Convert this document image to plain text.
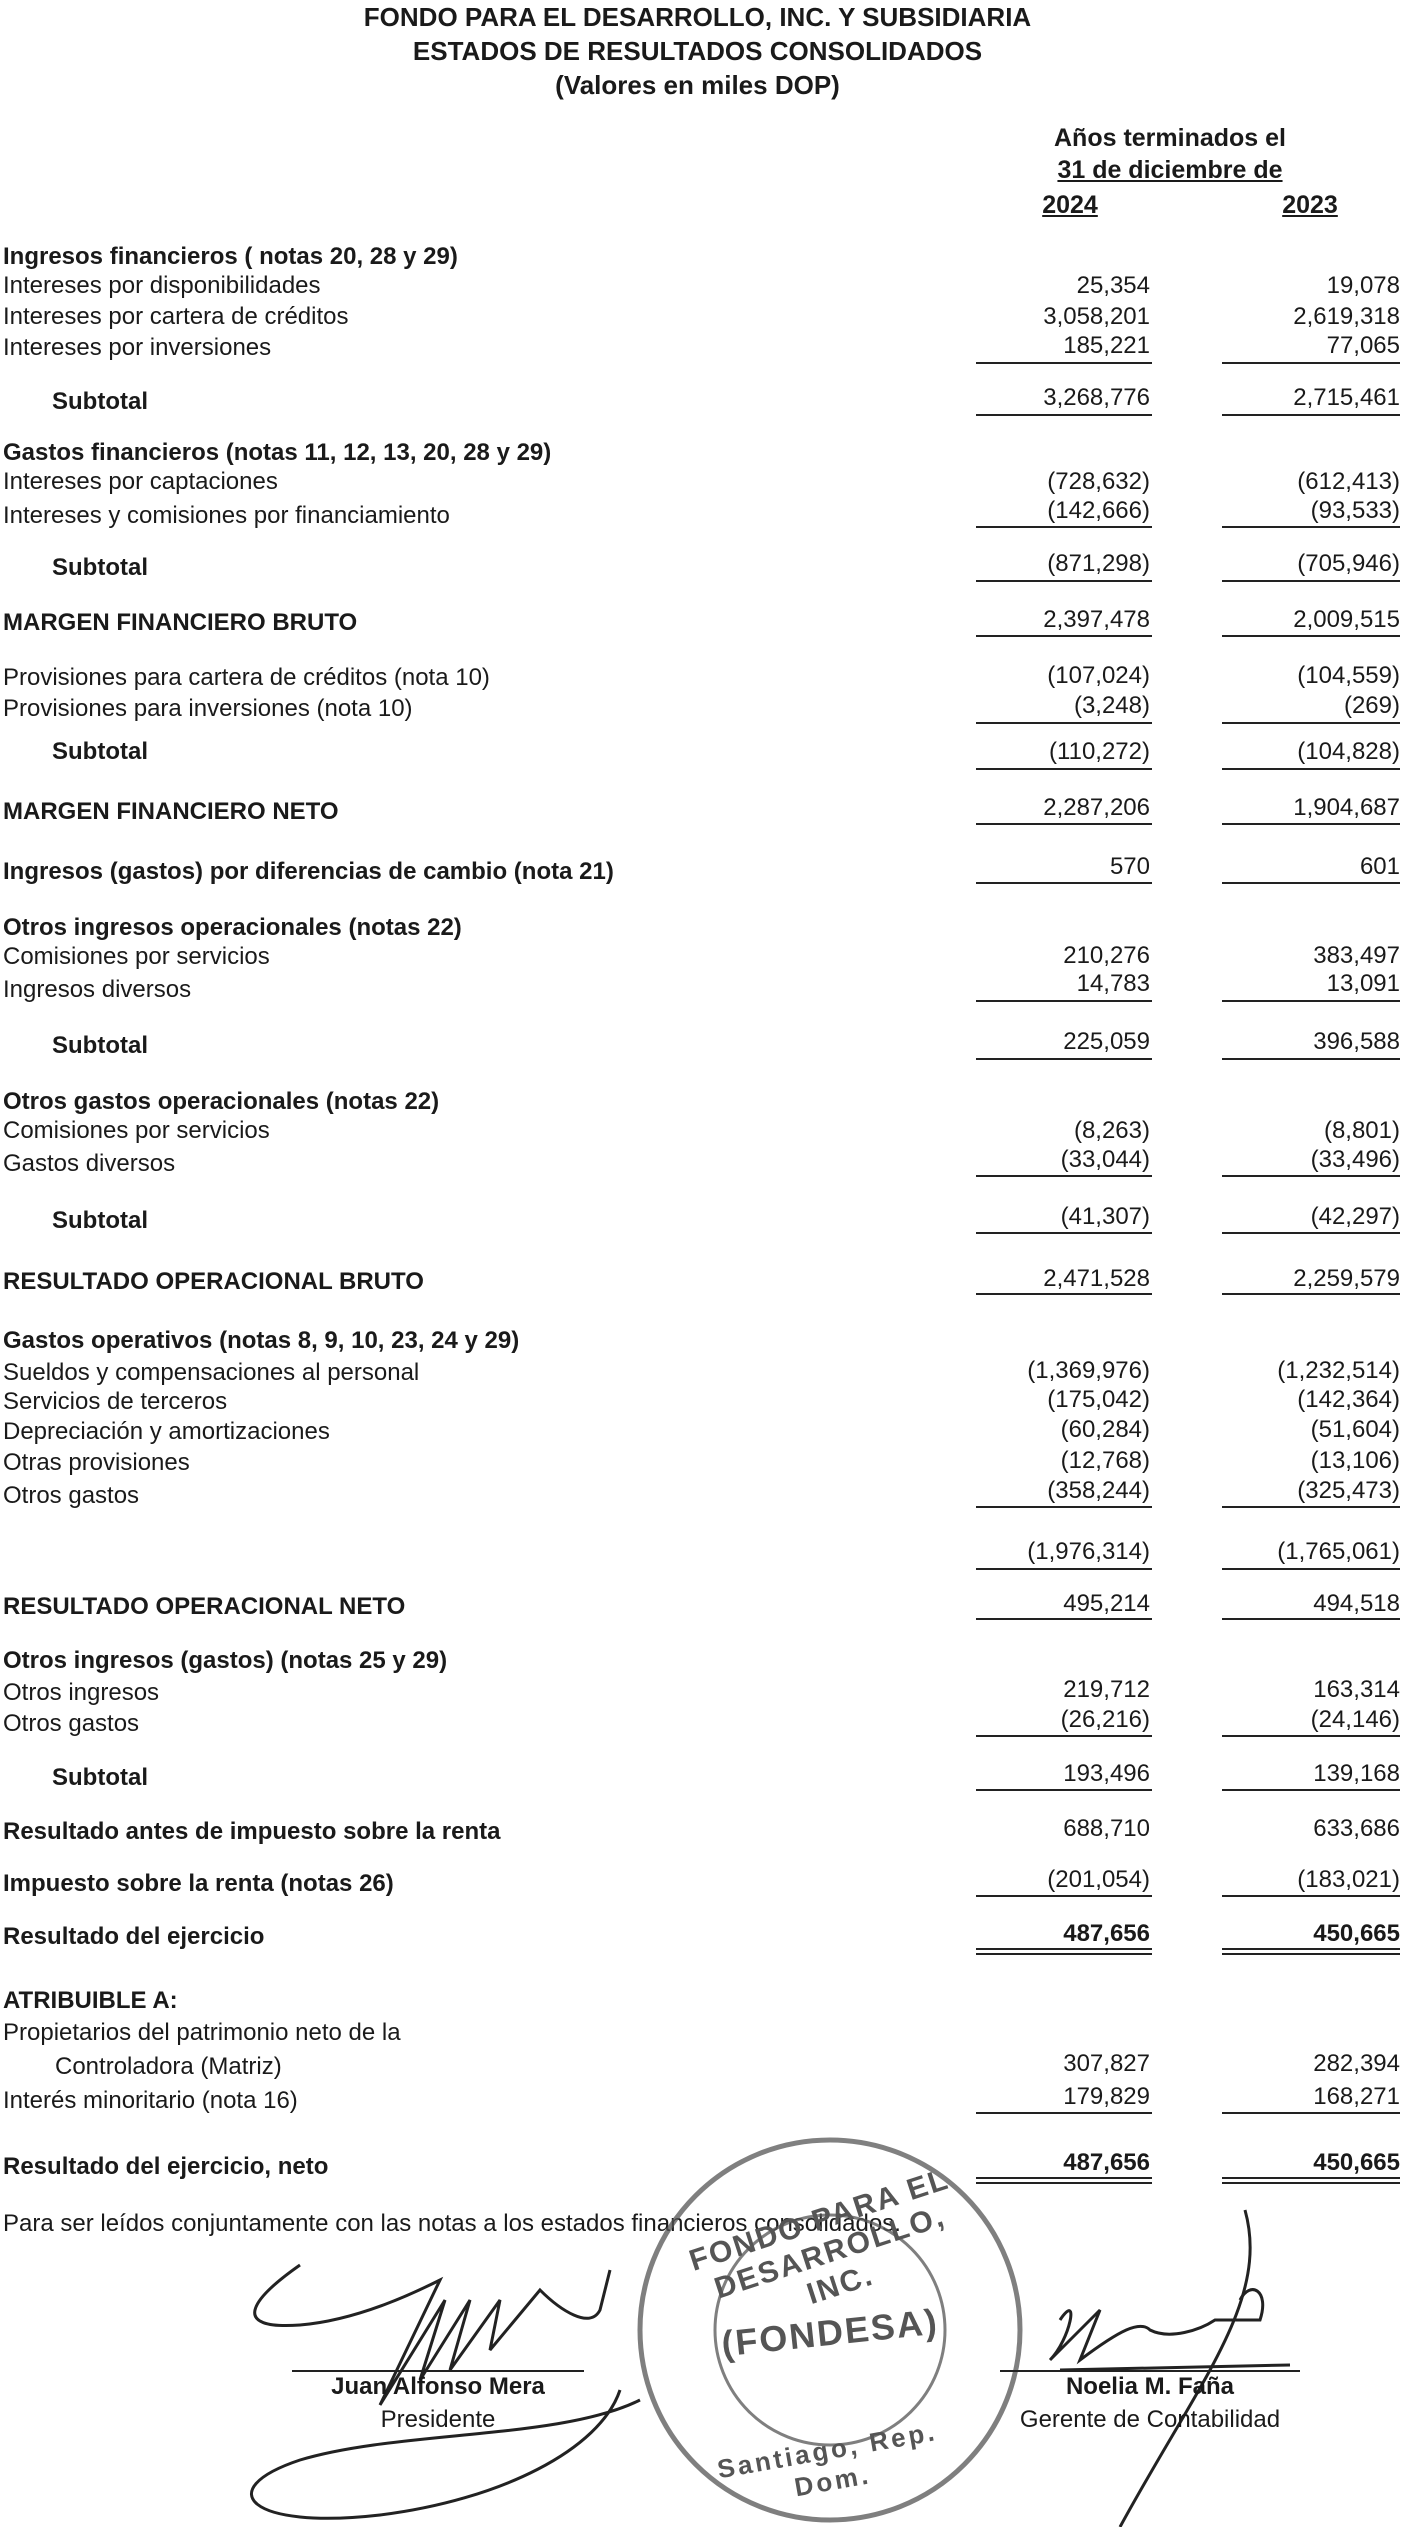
FONDO PARA EL DESARROLLO, INC. Y SUBSIDIARIA
ESTADOS DE RESULTADOS CONSOLIDADOS
(Valores en miles DOP)
Años terminados el
31 de diciembre de
2024	2023
Ingresos financieros ( notas 20, 28 y 29)
Intereses por disponibilidades	25,354	19,078
Intereses por cartera de créditos	3,058,201	2,619,318
Intereses por inversiones	185,221	77,065
Subtotal	3,268,776	2,715,461
Gastos financieros (notas 11, 12, 13, 20, 28 y 29)
Intereses por captaciones	(728,632)	(612,413)
Intereses y comisiones por financiamiento	(142,666)	(93,533)
Subtotal	(871,298)	(705,946)
MARGEN FINANCIERO BRUTO	2,397,478	2,009,515
Provisiones para cartera de créditos (nota 10)	(107,024)	(104,559)
Provisiones para inversiones (nota 10)	(3,248)	(269)
Subtotal	(110,272)	(104,828)
MARGEN FINANCIERO NETO	2,287,206	1,904,687
Ingresos (gastos) por diferencias de cambio (nota 21)	570	601
Otros ingresos operacionales (notas 22)
Comisiones por servicios	210,276	383,497
Ingresos diversos	14,783	13,091
Subtotal	225,059	396,588
Otros gastos operacionales (notas 22)
Comisiones por servicios	(8,263)	(8,801)
Gastos diversos	(33,044)	(33,496)
Subtotal	(41,307)	(42,297)
RESULTADO OPERACIONAL BRUTO	2,471,528	2,259,579
Gastos operativos (notas 8, 9, 10, 23, 24 y 29)
Sueldos y compensaciones al personal	(1,369,976)	(1,232,514)
Servicios de terceros	(175,042)	(142,364)
Depreciación y amortizaciones	(60,284)	(51,604)
Otras provisiones	(12,768)	(13,106)
Otros gastos	(358,244)	(325,473)
(1,976,314)	(1,765,061)
RESULTADO OPERACIONAL NETO	495,214	494,518
Otros ingresos (gastos) (notas 25 y 29)
Otros ingresos	219,712	163,314
Otros gastos	(26,216)	(24,146)
Subtotal	193,496	139,168
Resultado antes de impuesto sobre la renta	688,710	633,686
Impuesto sobre la renta (notas 26)	(201,054)	(183,021)
Resultado del ejercicio	487,656	450,665
ATRIBUIBLE A:
Propietarios del patrimonio neto de la
Controladora (Matriz)	307,827	282,394
Interés minoritario (nota 16)	179,829	168,271
Resultado del ejercicio, neto	487,656	450,665
Para ser leídos conjuntamente con las notas a los estados financieros consolidados.
FONDO PARA EL DESARROLLO, INC.
(FONDESA)
Santiago, Rep. Dom.
Juan Alfonso Mera
Presidente
Noelia M. Faña
Gerente de Contabilidad
